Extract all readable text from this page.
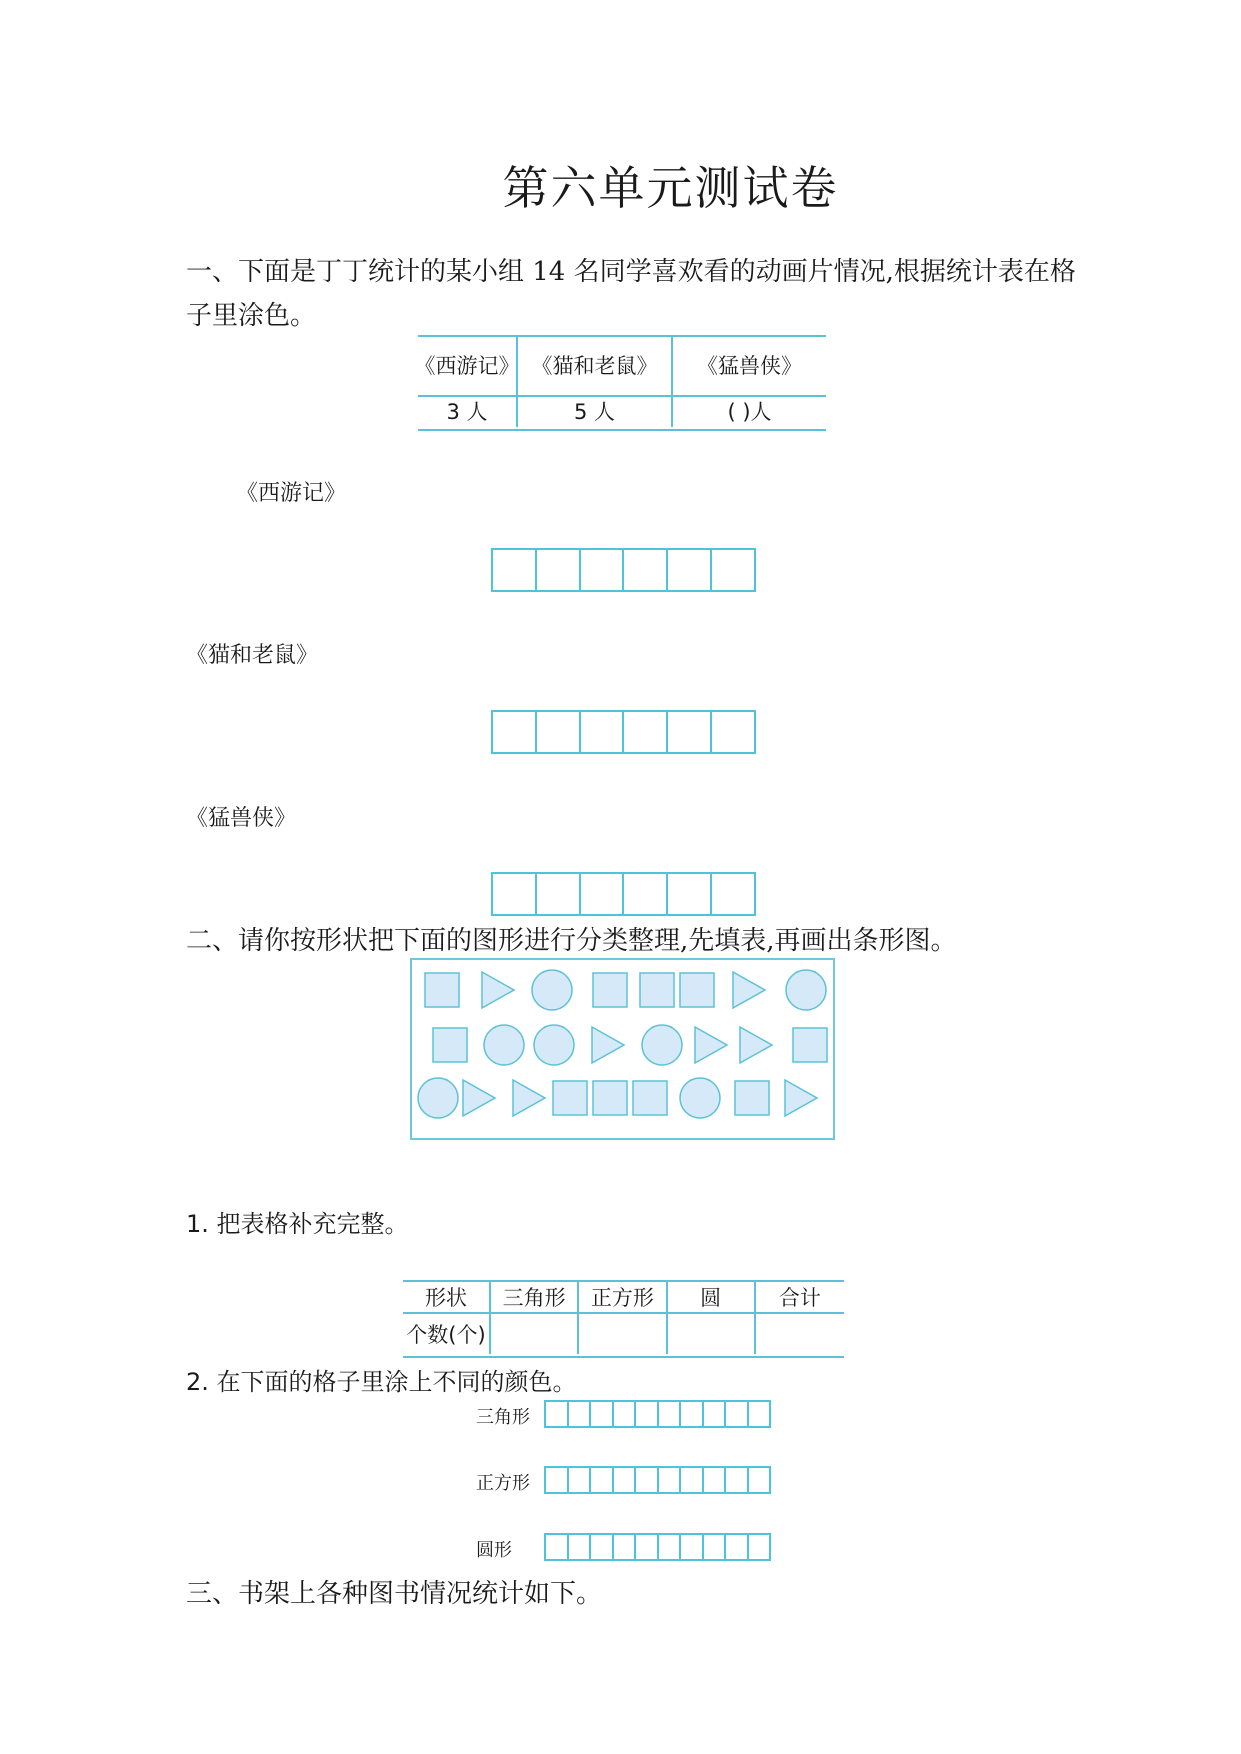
第六单元测试卷
一、下面是丁丁统计的某小组 14 名同学喜欢看的动画片情况,根据统计表在格
子里涂色。
《西游记》 《猫和老鼠》	《猛兽侠》
3 人	5 人	( )人
《西游记》
《猫和老鼠》
《猛兽侠》
二、请你按形状把下面的图形进行分类整理,先填表,再画出条形图。
1. 把表格补充完整。
形状	三角形	正方形	圆	合计
个数(个)
2. 在下面的格子里涂上不同的颜色。
三角形
正方形
圆形
三、书架上各种图书情况统计如下。
